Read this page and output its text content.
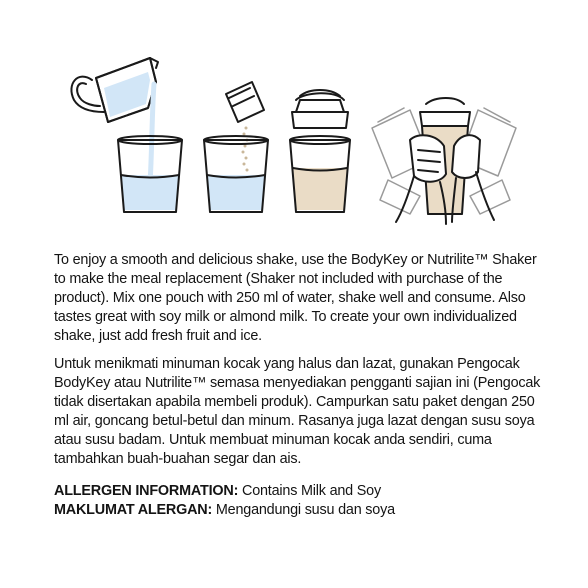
To enjoy a smooth and delicious shake, use the BodyKey or Nutrilite™ Shaker to make the meal replacement (Shaker not included with purchase of the product). Mix one pouch with 250 ml of water, shake well and consume. Also tastes great with soy milk or almond milk. To create your own individualized shake, just add fresh fruit and ice.

Untuk menikmati minuman kocak yang halus dan lazat, gunakan Pengocak BodyKey atau Nutrilite™ semasa menyediakan pengganti sajian ini (Pengocak tidak disertakan apabila membeli produk). Campurkan satu paket dengan 250 ml air, goncang betul-betul dan minum. Rasanya juga lazat dengan susu soya atau susu badam. Untuk membuat minuman kocak anda sendiri, cuma tambahkan buah-buahan segar dan ais.

ALLERGEN INFORMATION: Contains Milk and Soy
MAKLUMAT ALERGAN: Mengandungi susu dan soya
